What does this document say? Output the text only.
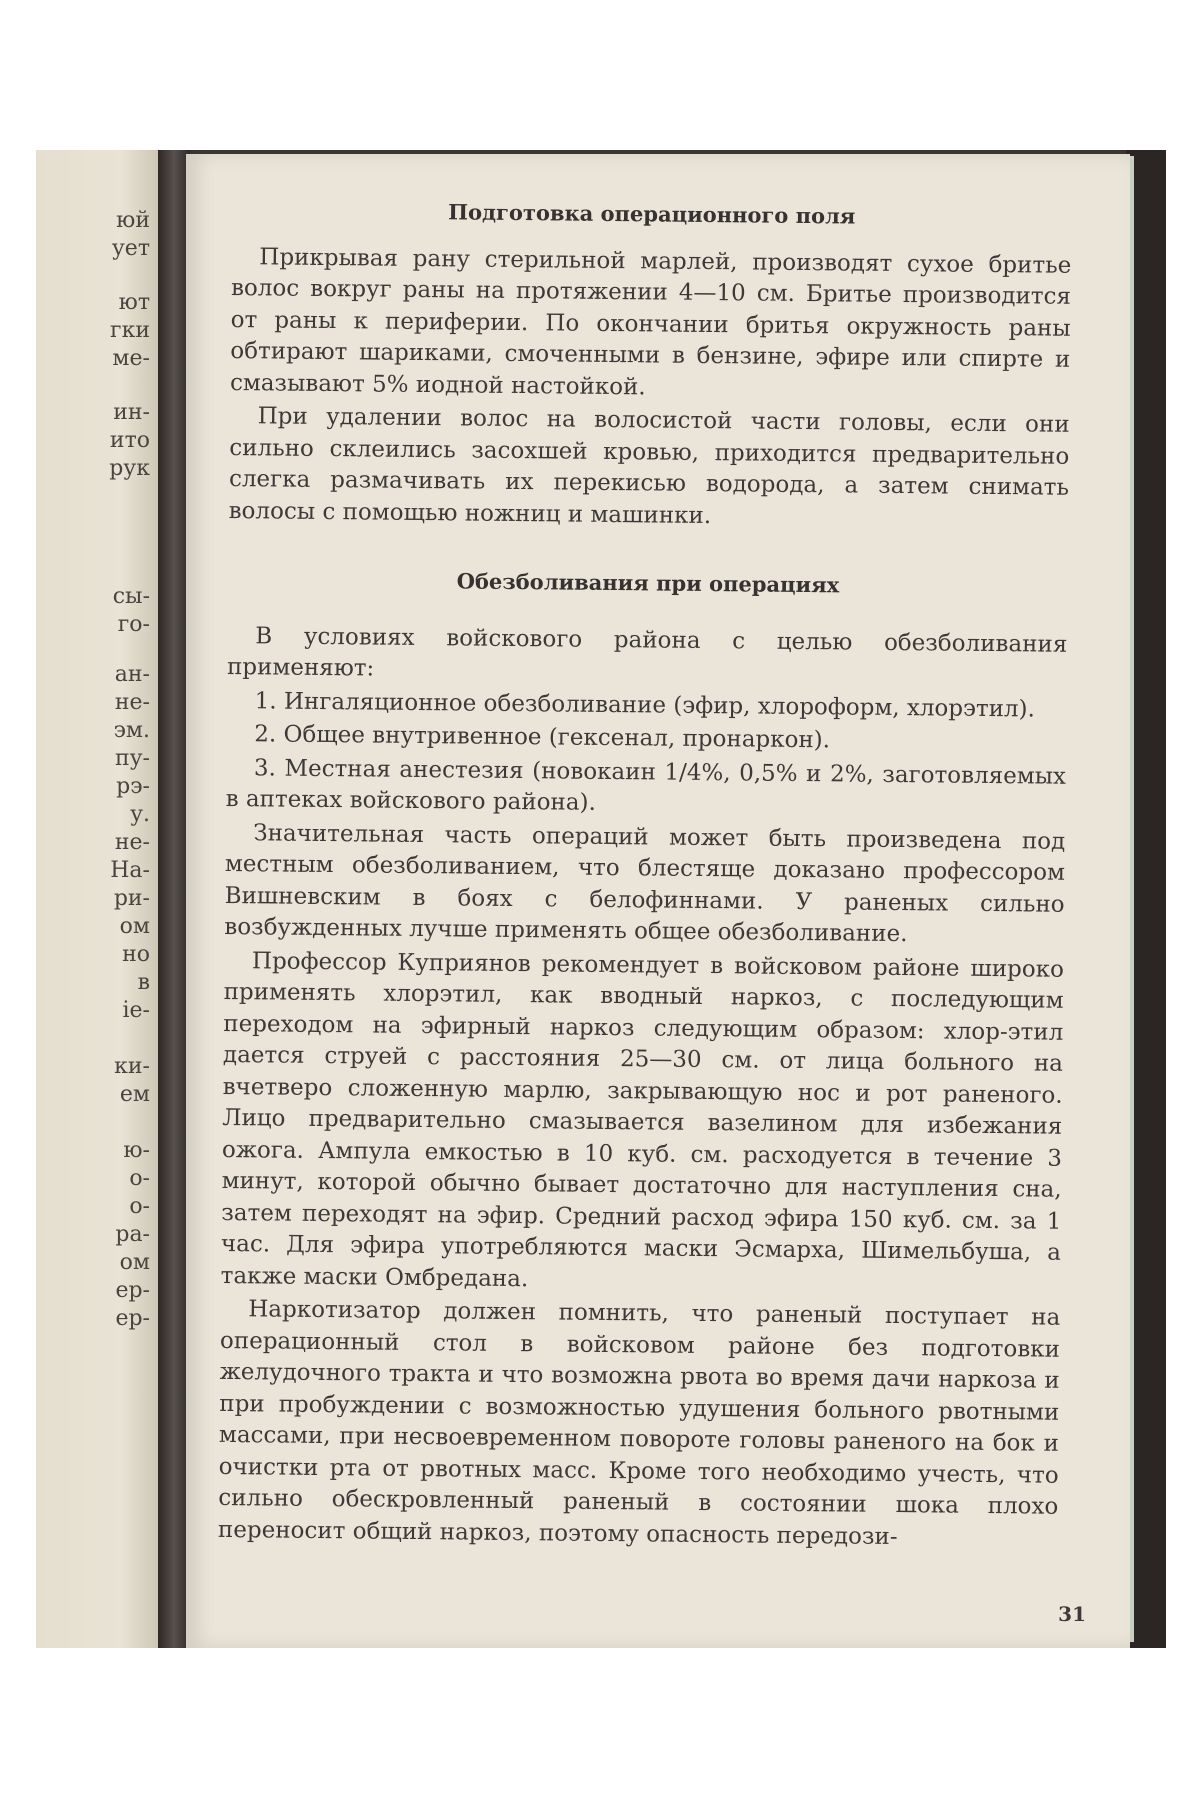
юй
ует
ют
гки
ме-
ин-
ито
рук
сы-
го-
ан-
не-
эм.
пу-
рэ-
у.
не-
На-
ри-
ом
но
в
ie-
ки-
ем
ю-
о-
о-
ра-
ом
ер-
ер-
Подготовка операционного поля

Прикрывая рану стерильной марлей, производят сухое бритье волос вокруг раны на протяжении 4—10 см. Бритье производится от раны к периферии. По окончании бритья окружность раны обтирают шариками, смоченными в бензине, эфире или спирте и смазывают 5% иодной настойкой.

При удалении волос на волосистой части головы, если они сильно склеились засохшей кровью, приходится предварительно слегка размачивать их перекисью водорода, а затем снимать волосы с помощью ножниц и машинки.

Обезболивания при операциях

В условиях войскового района с целью обезболивания применяют:

1. Ингаляционное обезболивание (эфир, хлороформ, хлорэтил).

2. Общее внутривенное (гексенал, пронаркон).

3. Местная анестезия (новокаин 1/4%, 0,5% и 2%, заготовляемых в аптеках войскового района).

Значительная часть операций может быть произведена под местным обезболиванием, что блестяще доказано профессором Вишневским в боях с белофиннами. У раненых сильно возбужденных лучше применять общее обезболивание.

Профессор Куприянов рекомендует в войсковом районе широко применять хлорэтил, как вводный наркоз, с последующим переходом на эфирный наркоз следующим образом: хлор-этил дается струей с расстояния 25—30 см. от лица больного на вчетверо сложенную марлю, закрывающую нос и рот раненого. Лицо предварительно смазывается вазелином для избежания ожога. Ампула емкостью в 10 куб. см. расходуется в течение 3 минут, которой обычно бывает достаточно для наступления сна, затем переходят на эфир. Средний расход эфира 150 куб. см. за 1 час. Для эфира употребляются маски Эсмарха, Шимельбуша, а также маски Омбредана.

Наркотизатор должен помнить, что раненый поступает на операционный стол в войсковом районе без подготовки желудочного тракта и что возможна рвота во время дачи наркоза и при пробуждении с возможностью удушения больного рвотными массами, при несвоевременном повороте головы раненого на бок и очистки рта от рвотных масс. Кроме того необходимо учесть, что сильно обескровленный раненый в состоянии шока плохо переносит общий наркоз, поэтому опасность передози-

31
